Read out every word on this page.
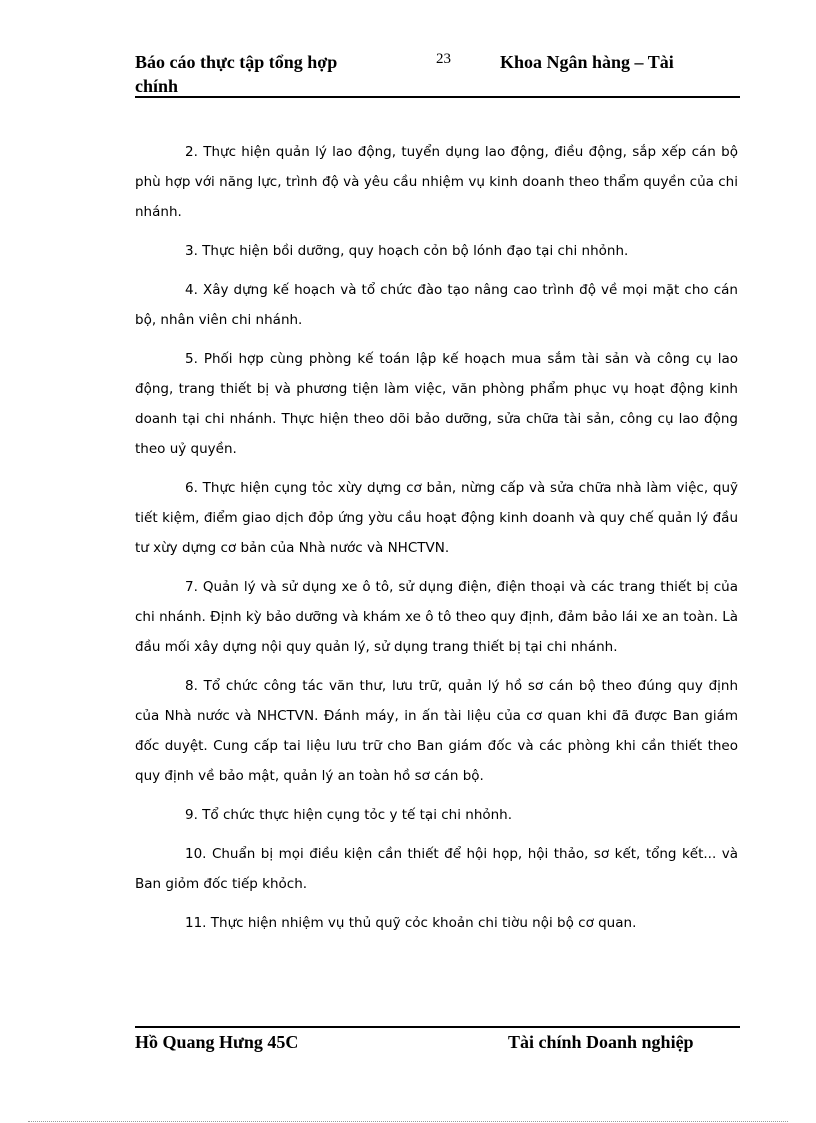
Báo cáo thực tập tổng hợp chính
23	Khoa Ngân hàng – Tài

2. Thực hiện quản lý lao động, tuyển dụng lao động, điều động, sắp xếp cán bộ phù hợp với năng lực, trình độ và yêu cầu nhiệm vụ kinh doanh theo thẩm quyền của chi nhánh.

3. Thực hiện bồi dưỡng, quy hoạch cỏn bộ lónh đạo tại chi nhỏnh.

4. Xây dựng kế hoạch và tổ chức đào tạo nâng cao trình độ về mọi mặt cho cán bộ, nhân viên chi nhánh.

5. Phối hợp cùng phòng kế toán lập kế hoạch mua sắm tài sản và công cụ lao động, trang thiết bị và phương tiện làm việc, văn phòng phẩm phục vụ hoạt động kinh doanh tại chi nhánh. Thực hiện theo dõi bảo dưỡng, sửa chữa tài sản, công cụ lao động theo uỷ quyền.

6. Thực hiện cụng tỏc xừy dựng cơ bản, nừng cấp và sửa chữa nhà làm việc, quỹ tiết kiệm, điểm giao dịch đỏp ứng yờu cầu hoạt động kinh doanh và quy chế quản lý đầu tư xừy dựng cơ bản của Nhà nước và NHCTVN.

7. Quản lý và sử dụng xe ô tô, sử dụng điện, điện thoại và các trang thiết bị của chi nhánh. Định kỳ bảo dưỡng và khám xe ô tô theo quy định, đảm bảo lái xe an toàn. Là đầu mối xây dựng nội quy quản lý, sử dụng trang thiết bị tại chi nhánh.

8. Tổ chức công tác văn thư, lưu trữ, quản lý hồ sơ cán bộ theo đúng quy định của Nhà nước và NHCTVN. Đánh máy, in ấn tài liệu của cơ quan khi đã được Ban giám đốc duyệt. Cung cấp tai liệu lưu trữ cho Ban giám đốc và các phòng khi cần thiết theo quy định về bảo mật, quản lý an toàn hồ sơ cán bộ.

9. Tổ chức thực hiện cụng tỏc y tế tại chi nhỏnh.

10. Chuẩn bị mọi điều kiện cần thiết để hội họp, hội thảo, sơ kết, tổng kết... và Ban giỏm đốc tiếp khỏch.

11. Thực hiện nhiệm vụ thủ quỹ cỏc khoản chi tiờu nội bộ cơ quan.

Hồ Quang Hưng 45C	Tài chính Doanh nghiệp
